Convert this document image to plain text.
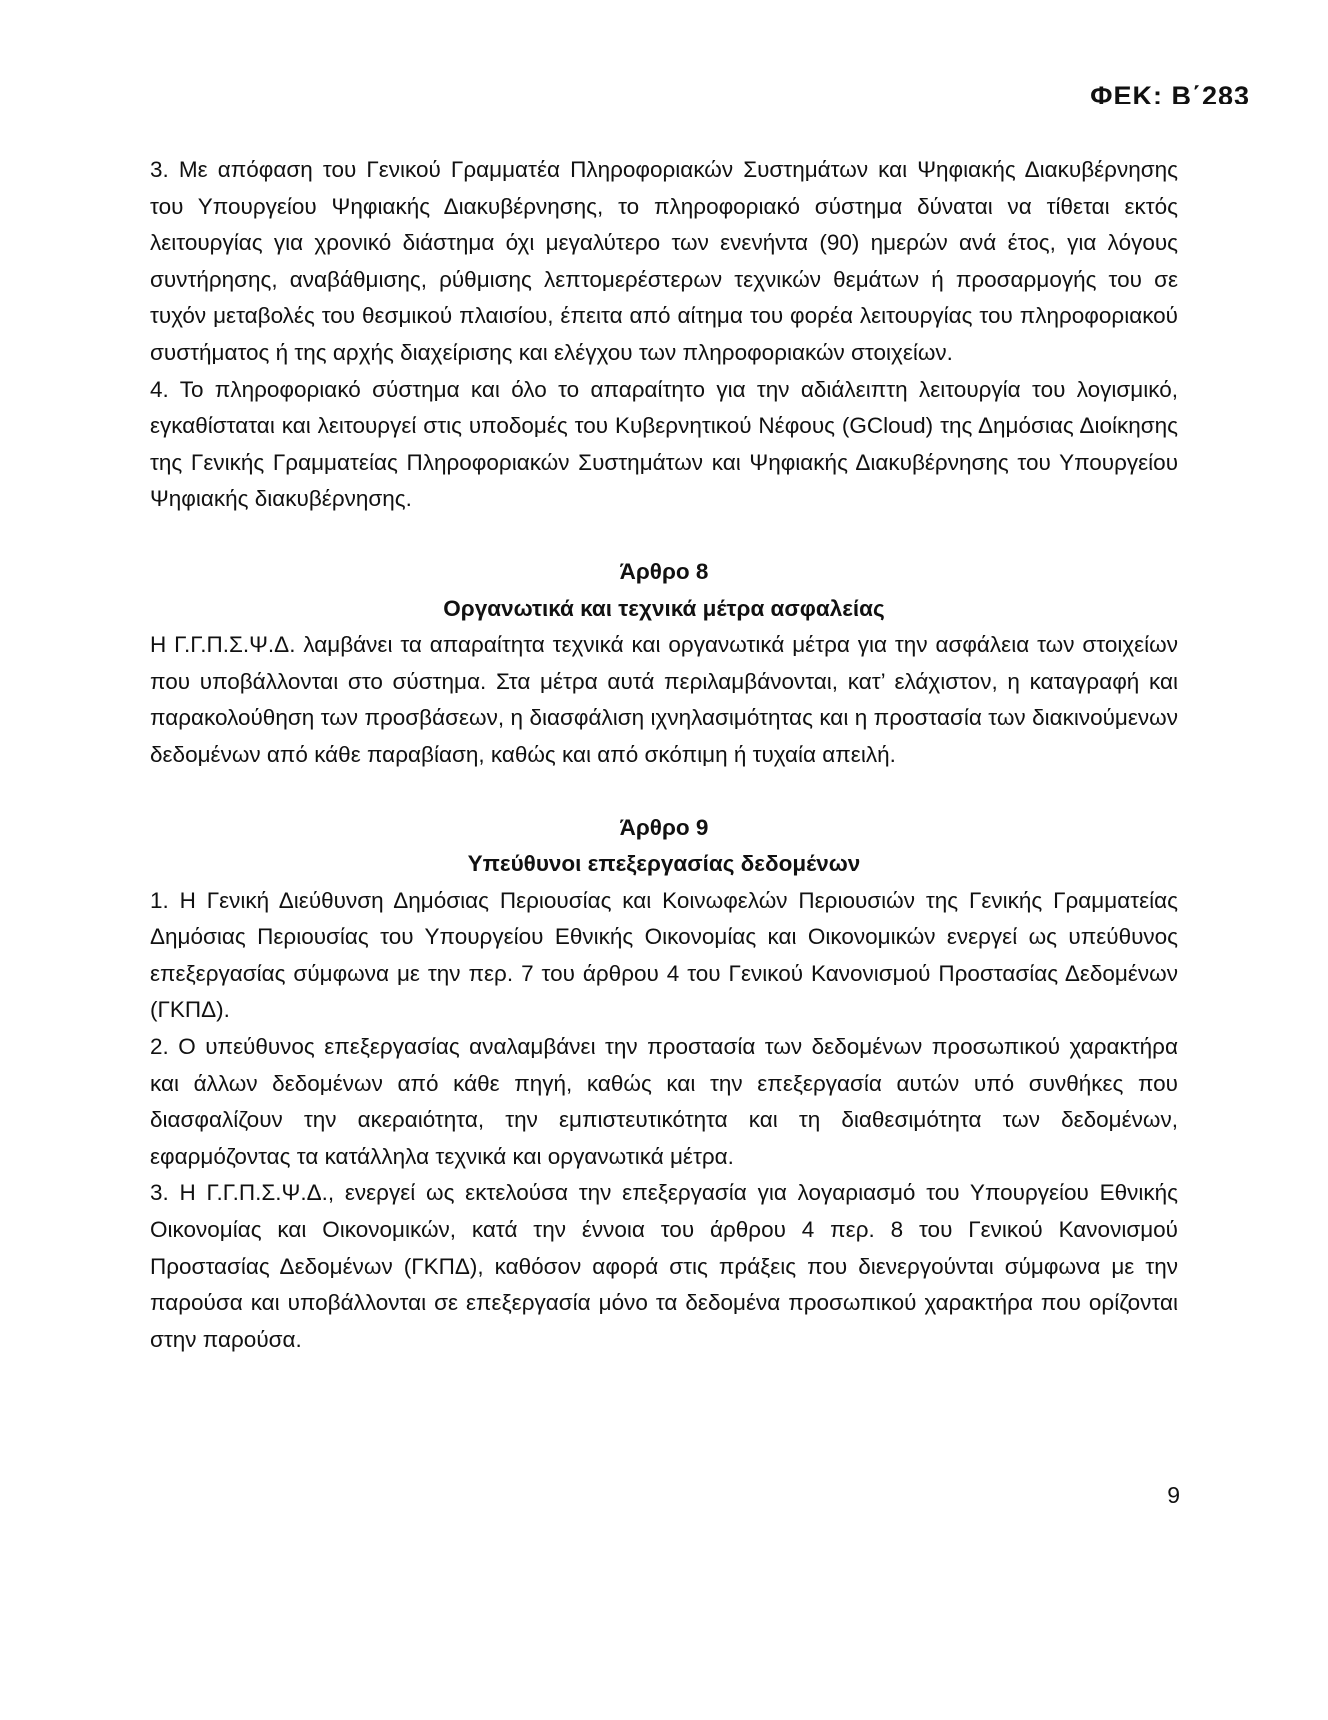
ΦΕΚ: Β΄283

3. Με απόφαση του Γενικού Γραμματέα Πληροφοριακών Συστημάτων και Ψηφιακής Διακυβέρνησης του Υπουργείου Ψηφιακής Διακυβέρνησης, το πληροφοριακό σύστημα δύναται να τίθεται εκτός λειτουργίας για χρονικό διάστημα όχι μεγαλύτερο των ενενήντα (90) ημερών ανά έτος, για λόγους συντήρησης, αναβάθμισης, ρύθμισης λεπτομερέστερων τεχνικών θεμάτων ή προσαρμογής του σε τυχόν μεταβολές του θεσμικού πλαισίου, έπειτα από αίτημα του φορέα λειτουργίας του πληροφοριακού συστήματος ή της αρχής διαχείρισης και ελέγχου των πληροφοριακών στοιχείων.

4. Το πληροφοριακό σύστημα και όλο το απαραίτητο για την αδιάλειπτη λειτουργία του λογισμικό, εγκαθίσταται και λειτουργεί στις υποδομές του Κυβερνητικού Νέφους (GCloud) της Δημόσιας Διοίκησης της Γενικής Γραμματείας Πληροφοριακών Συστημάτων και Ψηφιακής Διακυβέρνησης του Υπουργείου Ψηφιακής διακυβέρνησης.

Άρθρο 8

Οργανωτικά και τεχνικά μέτρα ασφαλείας

Η Γ.Γ.Π.Σ.Ψ.Δ. λαμβάνει τα απαραίτητα τεχνικά και οργανωτικά μέτρα για την ασφάλεια των στοιχείων που υποβάλλονται στο σύστημα. Στα μέτρα αυτά περιλαμβάνονται, κατ’ ελάχιστον, η καταγραφή και παρακολούθηση των προσβάσεων, η διασφάλιση ιχνηλασιμότητας και η προστασία των διακινούμενων δεδομένων από κάθε παραβίαση, καθώς και από σκόπιμη ή τυχαία απειλή.

Άρθρο 9

Υπεύθυνοι επεξεργασίας δεδομένων

1. Η Γενική Διεύθυνση Δημόσιας Περιουσίας και Κοινωφελών Περιουσιών της Γενικής Γραμματείας Δημόσιας Περιουσίας του Υπουργείου Εθνικής Οικονομίας και Οικονομικών ενεργεί ως υπεύθυνος επεξεργασίας σύμφωνα με την περ. 7 του άρθρου 4 του Γενικού Κανονισμού Προστασίας Δεδομένων (ΓΚΠΔ).

2. Ο υπεύθυνος επεξεργασίας αναλαμβάνει την προστασία των δεδομένων προσωπικού χαρακτήρα και άλλων δεδομένων από κάθε πηγή, καθώς και την επεξεργασία αυτών υπό συνθήκες που διασφαλίζουν την ακεραιότητα, την εμπιστευτικότητα και τη διαθεσιμότητα των δεδομένων, εφαρμόζοντας τα κατάλληλα τεχνικά και οργανωτικά μέτρα.

3. Η Γ.Γ.Π.Σ.Ψ.Δ., ενεργεί ως εκτελούσα την επεξεργασία για λογαριασμό του Υπουργείου Εθνικής Οικονομίας και Οικονομικών, κατά την έννοια του άρθρου 4 περ. 8 του Γενικού Κανονισμού Προστασίας Δεδομένων (ΓΚΠΔ), καθόσον αφορά στις πράξεις που διενεργούνται σύμφωνα με την παρούσα και υποβάλλονται σε επεξεργασία μόνο τα δεδομένα προσωπικού χαρακτήρα που ορίζονται στην παρούσα.

9
